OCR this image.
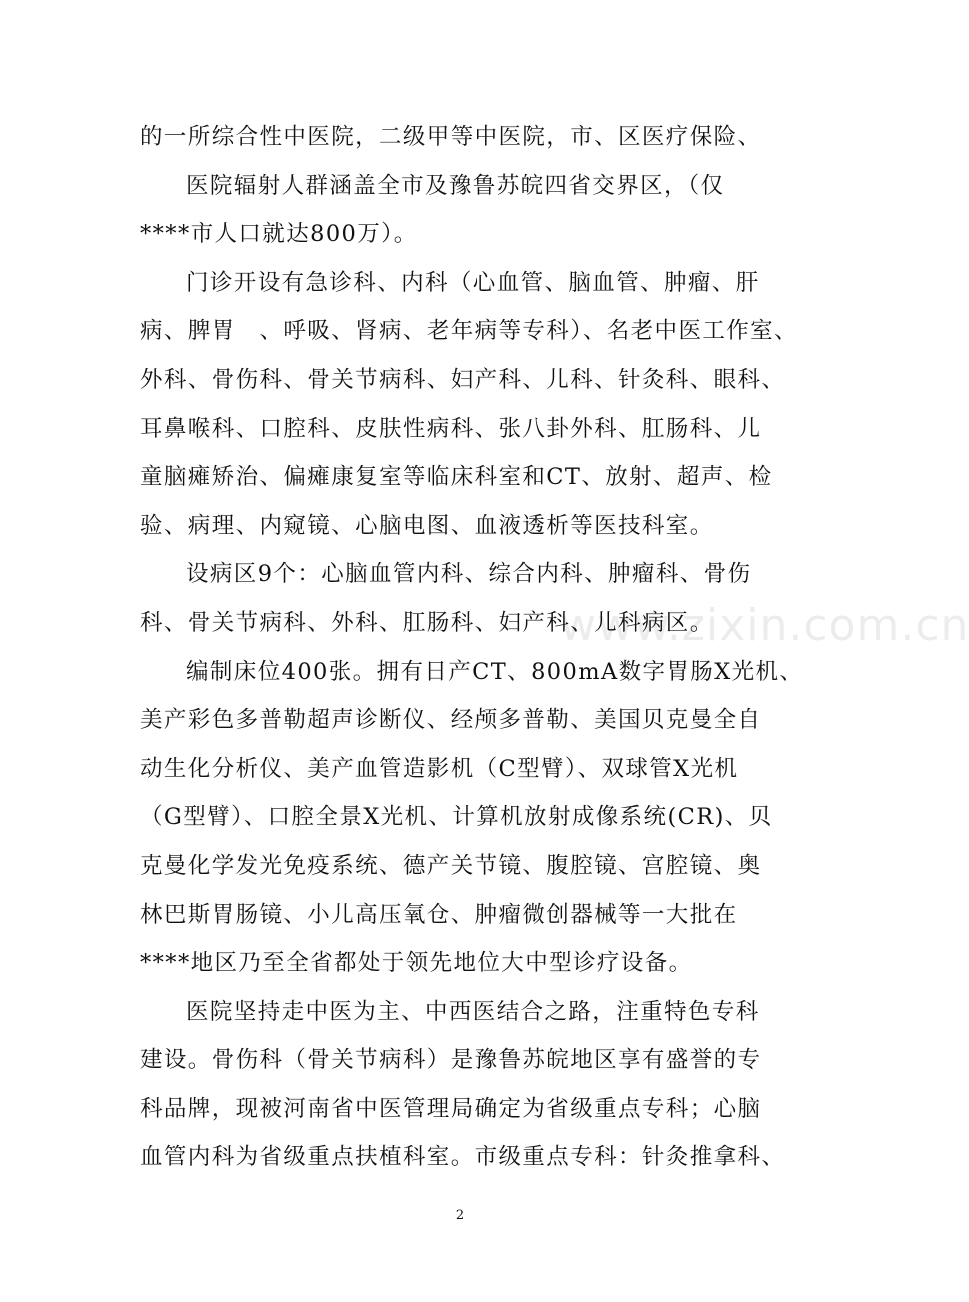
的一所综合性中医院，二级甲等中医院，市、区医疗保险、
医院辐射人群涵盖全市及豫鲁苏皖四省交界区，（仅
****市人口就达800万）。
门诊开设有急诊科、内科（心血管、脑血管、肿瘤、肝
病、脾胃　、呼吸、肾病、老年病等专科）、名老中医工作室、
外科、骨伤科、骨关节病科、妇产科、儿科、针灸科、眼科、
耳鼻喉科、口腔科、皮肤性病科、张八卦外科、肛肠科、儿
童脑瘫矫治、偏瘫康复室等临床科室和CT、放射、超声、检
验、病理、内窥镜、心脑电图、血液透析等医技科室。
设病区9个：心脑血管内科、综合内科、肿瘤科、骨伤
科、骨关节病科、外科、肛肠科、妇产科、儿科病区。
编制床位400张。拥有日产CT、800mA数字胃肠X光机、
美产彩色多普勒超声诊断仪、经颅多普勒、美国贝克曼全自
动生化分析仪、美产血管造影机（C型臂）、双球管X光机
（G型臂）、口腔全景X光机、计算机放射成像系统(CR)、贝
克曼化学发光免疫系统、德产关节镜、腹腔镜、宫腔镜、奥
林巴斯胃肠镜、小儿高压氧仓、肿瘤微创器械等一大批在
****地区乃至全省都处于领先地位大中型诊疗设备。
医院坚持走中医为主、中西医结合之路，注重特色专科
建设。骨伤科（骨关节病科）是豫鲁苏皖地区享有盛誉的专
科品牌，现被河南省中医管理局确定为省级重点专科；心脑
血管内科为省级重点扶植科室。市级重点专科：针灸推拿科、
www.zixin.com.cn
2
